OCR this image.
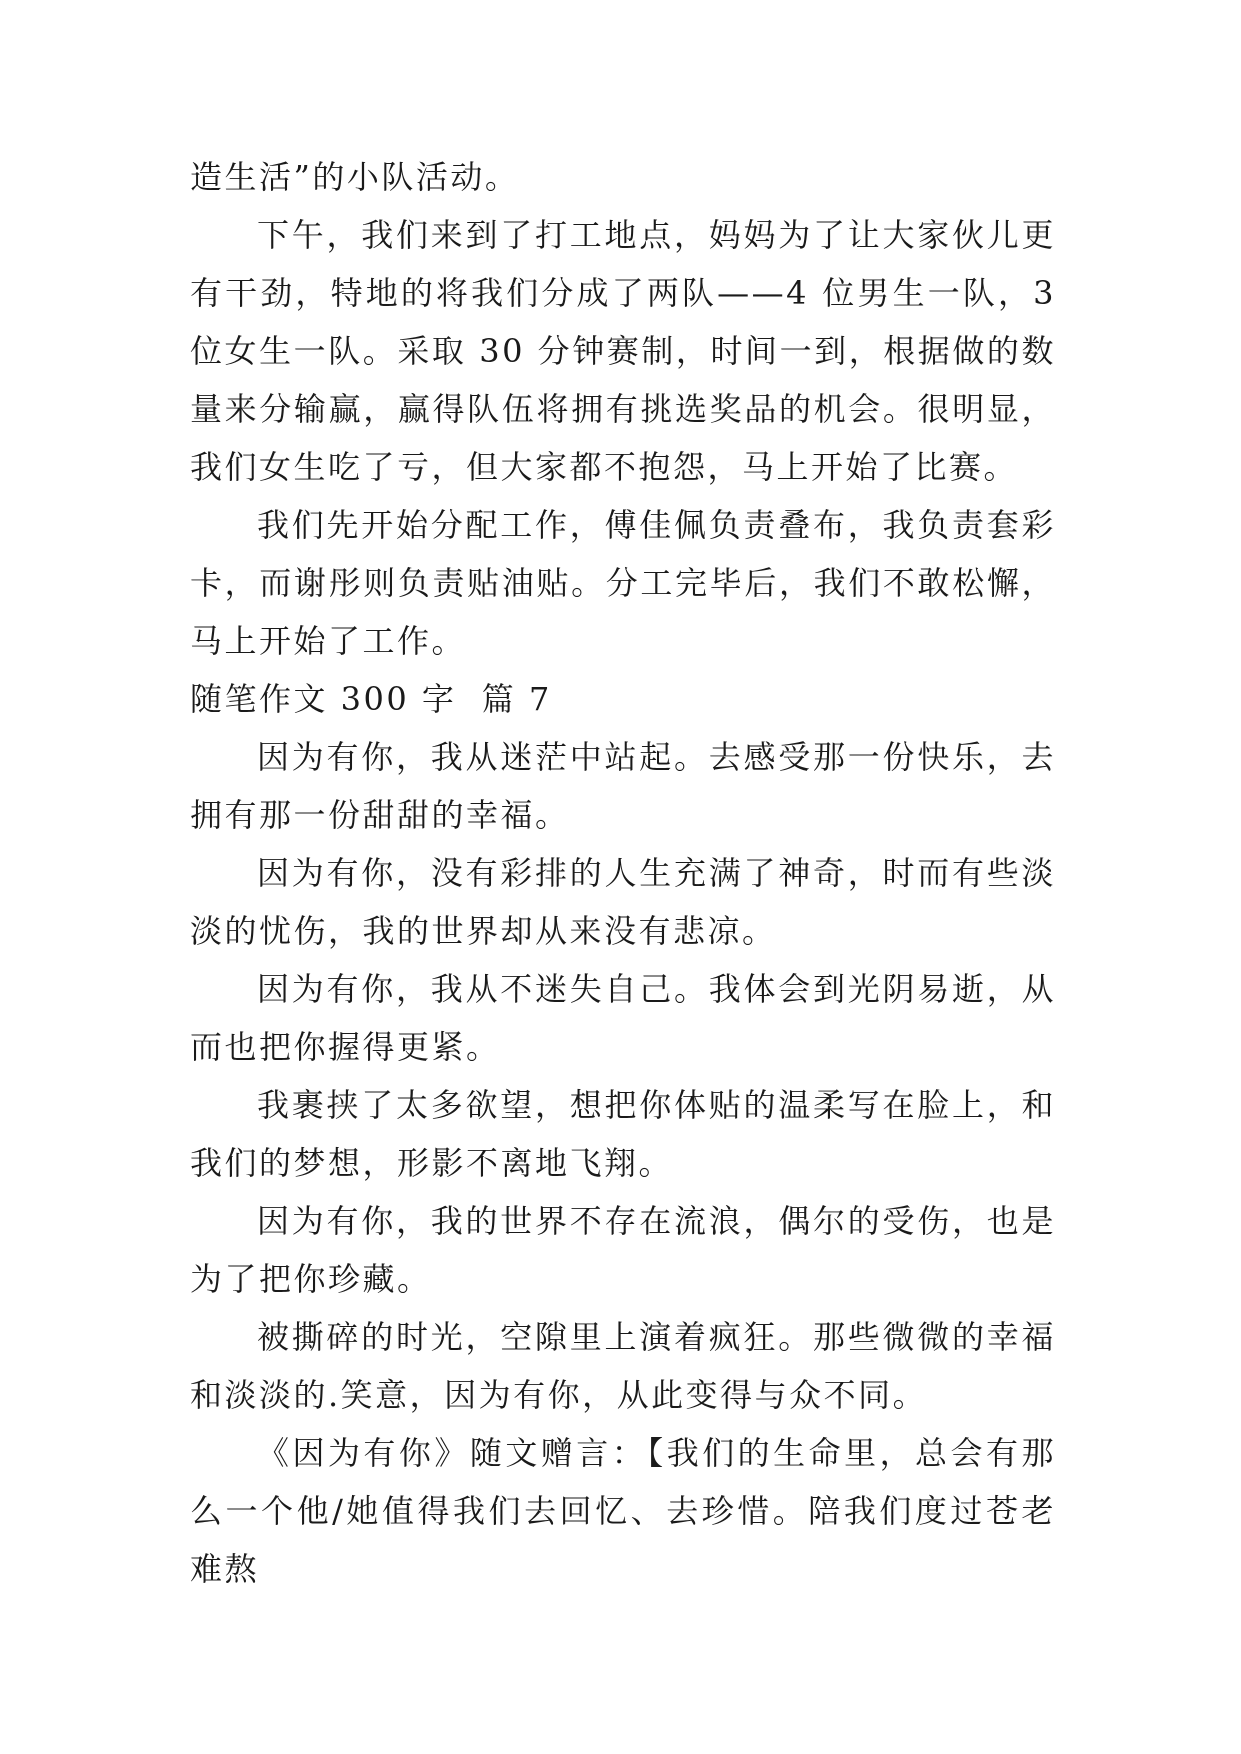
造生活”的小队活动。

下午，我们来到了打工地点，妈妈为了让大家伙儿更有干劲，特地的将我们分成了两队——4 位男生一队，3 位女生一队。采取 30 分钟赛制，时间一到，根据做的数量来分输赢，赢得队伍将拥有挑选奖品的机会。很明显，我们女生吃了亏，但大家都不抱怨，马上开始了比赛。

我们先开始分配工作，傅佳佩负责叠布，我负责套彩卡，而谢彤则负责贴油贴。分工完毕后，我们不敢松懈，马上开始了工作。

随笔作文 300 字  篇 7

因为有你，我从迷茫中站起。去感受那一份快乐，去拥有那一份甜甜的幸福。

因为有你，没有彩排的人生充满了神奇，时而有些淡淡的忧伤，我的世界却从来没有悲凉。

因为有你，我从不迷失自己。我体会到光阴易逝，从而也把你握得更紧。

我裹挟了太多欲望，想把你体贴的温柔写在脸上，和我们的梦想，形影不离地飞翔。

因为有你，我的世界不存在流浪，偶尔的受伤，也是为了把你珍藏。

被撕碎的时光，空隙里上演着疯狂。那些微微的幸福和淡淡的.笑意，因为有你，从此变得与众不同。

《因为有你》随文赠言：【我们的生命里，总会有那么一个他/她值得我们去回忆、去珍惜。陪我们度过苍老难熬
